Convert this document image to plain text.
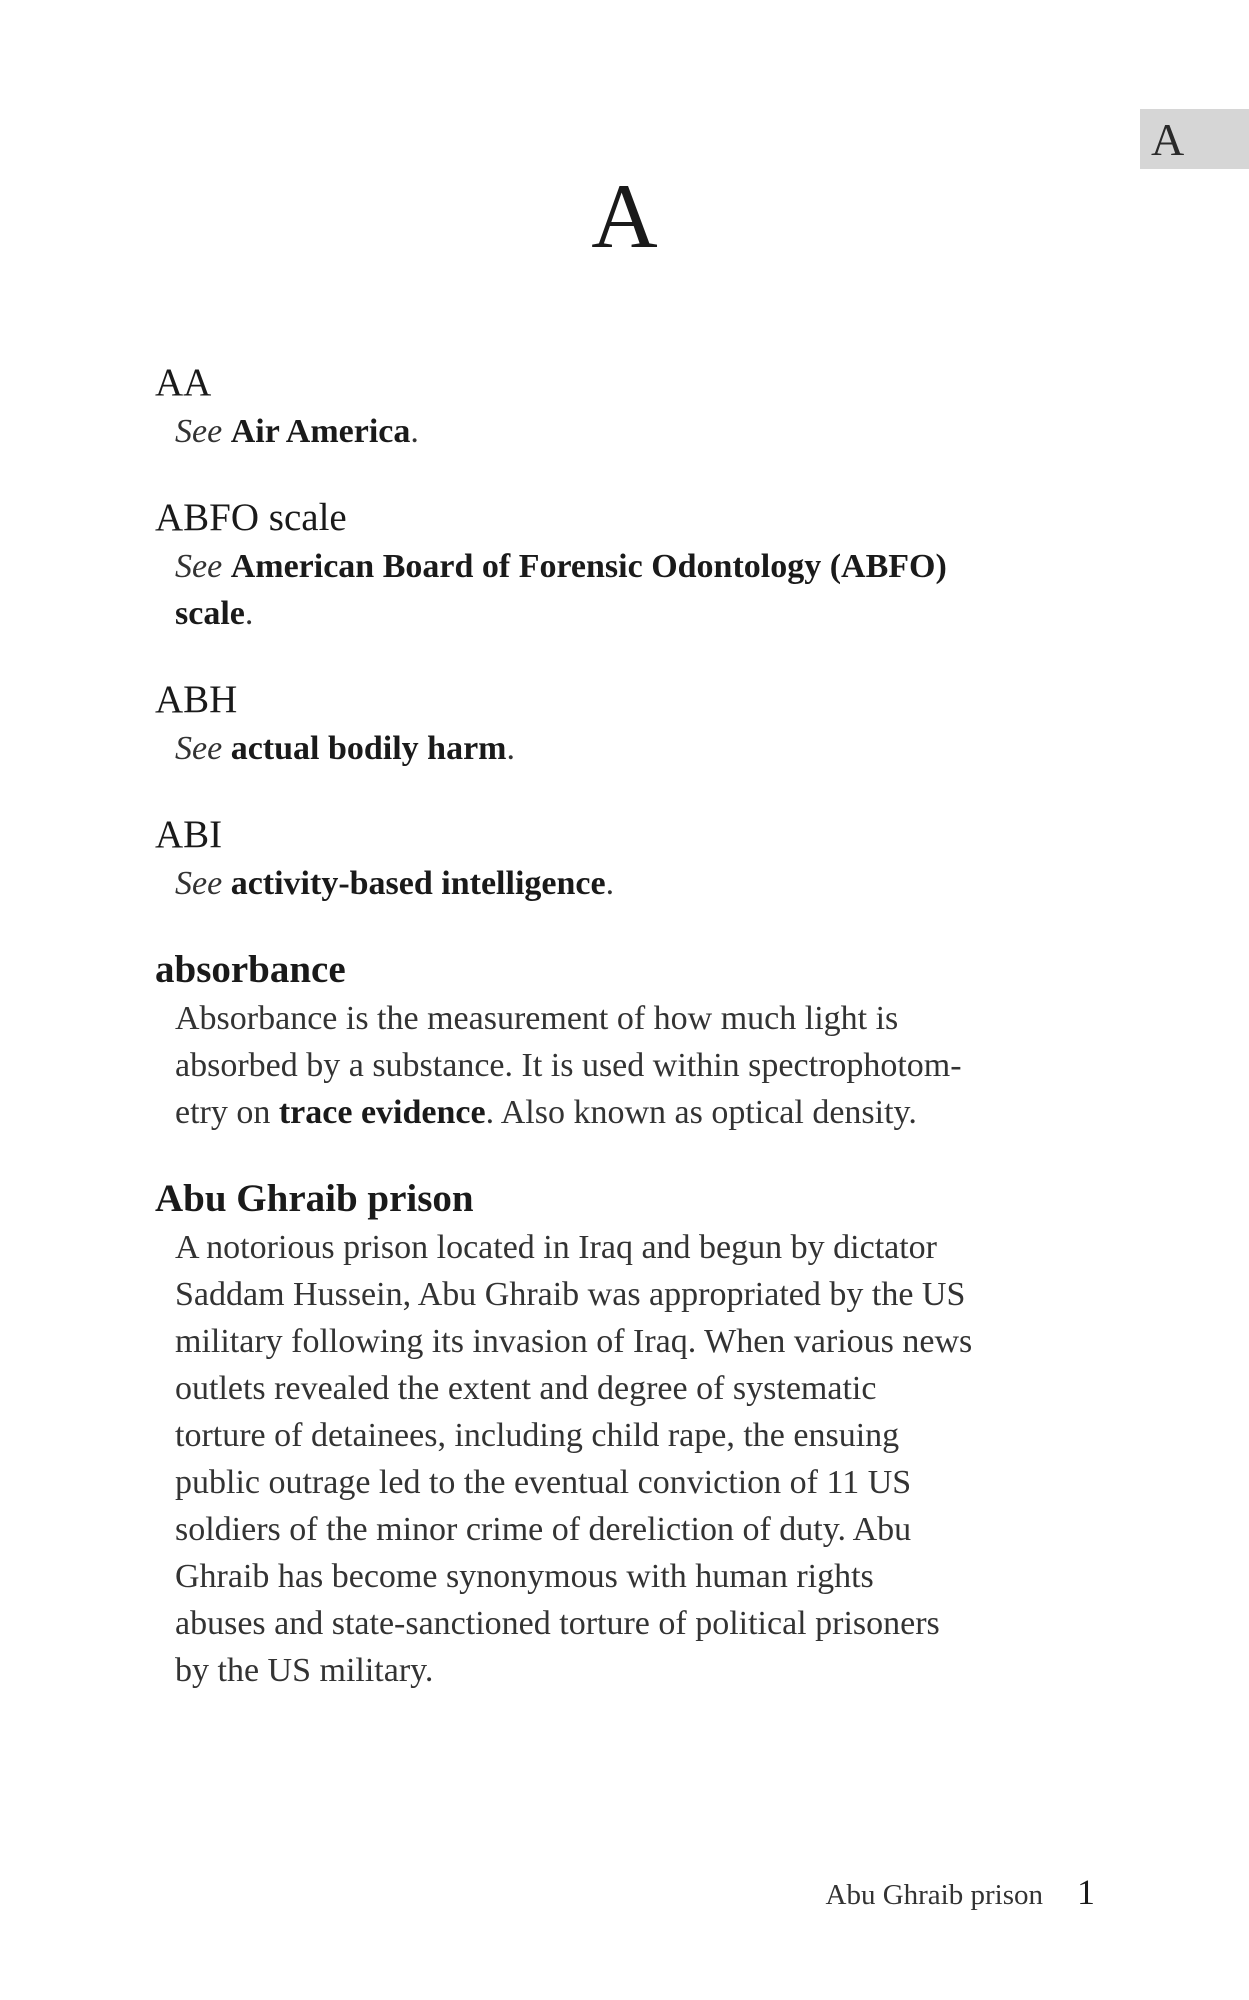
A
A
AA
See Air America.
ABFO scale
See American Board of Forensic Odontology (ABFO)
scale.
ABH
See actual bodily harm.
ABI
See activity-based intelligence.
absorbance
Absorbance is the measurement of how much light is
absorbed by a substance. It is used within spectrophotom-
etry on trace evidence. Also known as optical density.
Abu Ghraib prison
A notorious prison located in Iraq and begun by dictator
Saddam Hussein, Abu Ghraib was appropriated by the US
military following its invasion of Iraq. When various news
outlets revealed the extent and degree of systematic
torture of detainees, including child rape, the ensuing
public outrage led to the eventual conviction of 11 US
soldiers of the minor crime of dereliction of duty. Abu
Ghraib has become synonymous with human rights
abuses and state-sanctioned torture of political prisoners
by the US military.
Abu Ghraib prison 1
